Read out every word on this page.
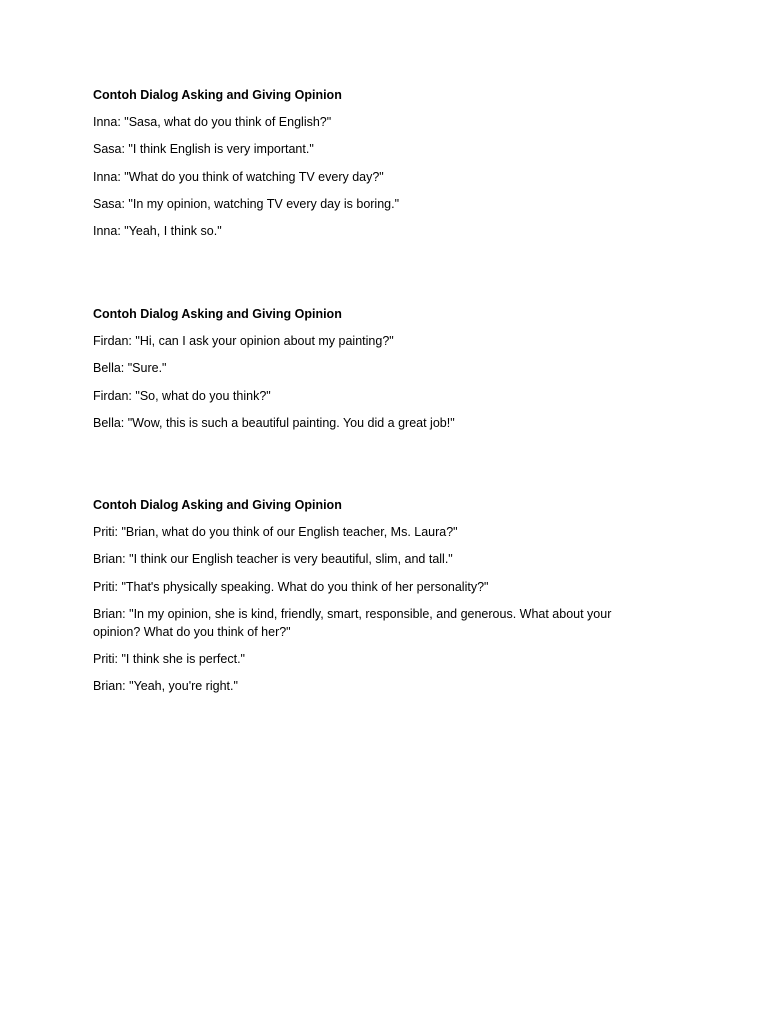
Contoh Dialog Asking and Giving Opinion
Inna: "Sasa, what do you think of English?"
Sasa: "I think English is very important."
Inna: "What do you think of watching TV every day?"
Sasa: "In my opinion, watching TV every day is boring."
Inna: "Yeah, I think so."
Contoh Dialog Asking and Giving Opinion
Firdan: "Hi, can I ask your opinion about my painting?"
Bella: "Sure."
Firdan: "So, what do you think?"
Bella: "Wow, this is such a beautiful painting. You did a great job!"
Contoh Dialog Asking and Giving Opinion
Priti: "Brian, what do you think of our English teacher, Ms. Laura?"
Brian: "I think our English teacher is very beautiful, slim, and tall."
Priti: "That's physically speaking. What do you think of her personality?"
Brian: "In my opinion, she is kind, friendly, smart, responsible, and generous. What about your opinion? What do you think of her?"
Priti: "I think she is perfect."
Brian: "Yeah, you're right."
